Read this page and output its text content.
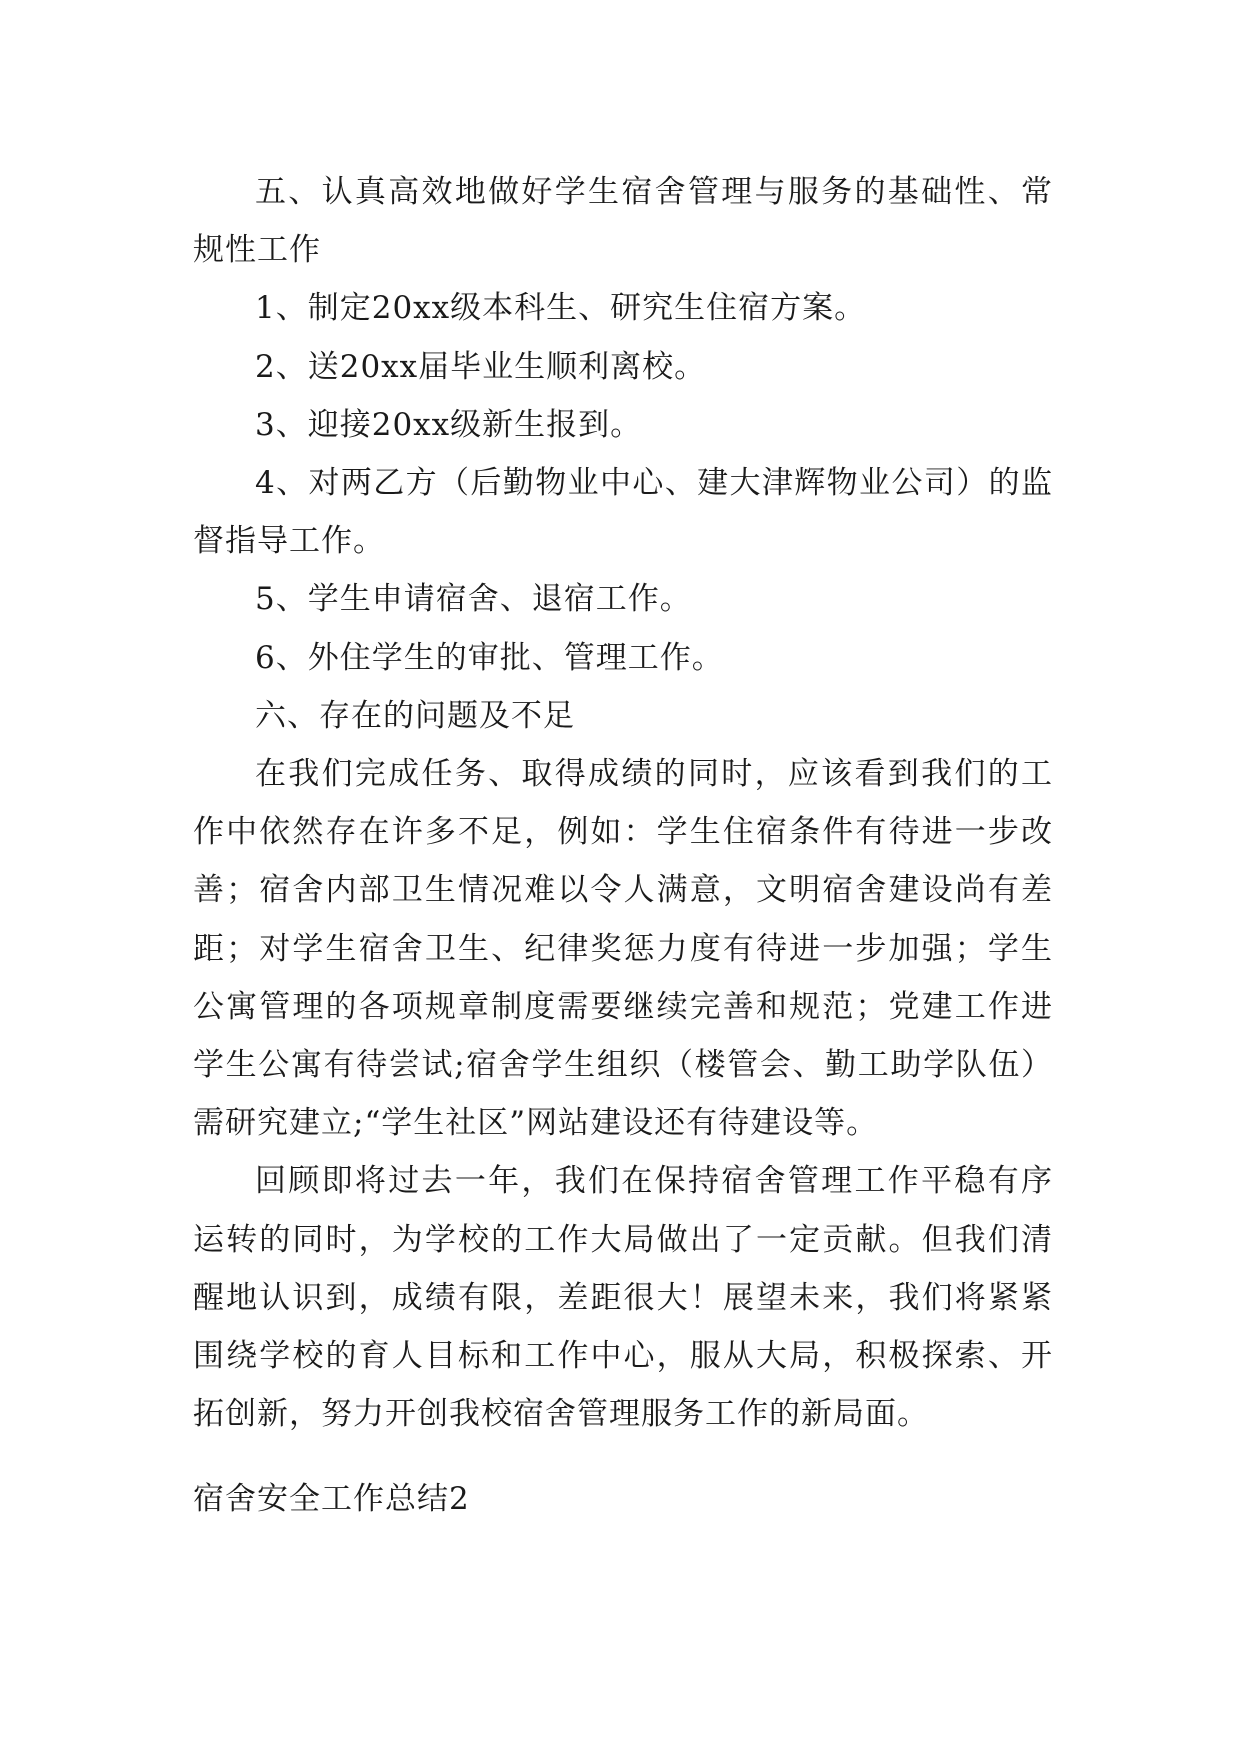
五、认真高效地做好学生宿舍管理与服务的基础性、常规性工作

1、制定20xx级本科生、研究生住宿方案。

2、送20xx届毕业生顺利离校。

3、迎接20xx级新生报到。

4、对两乙方（后勤物业中心、建大津辉物业公司）的监督指导工作。

5、学生申请宿舍、退宿工作。

6、外住学生的审批、管理工作。

六、存在的问题及不足

在我们完成任务、取得成绩的同时，应该看到我们的工作中依然存在许多不足，例如：学生住宿条件有待进一步改善；宿舍内部卫生情况难以令人满意，文明宿舍建设尚有差距；对学生宿舍卫生、纪律奖惩力度有待进一步加强；学生公寓管理的各项规章制度需要继续完善和规范；党建工作进学生公寓有待尝试;宿舍学生组织（楼管会、勤工助学队伍）需研究建立;“学生社区”网站建设还有待建设等。

回顾即将过去一年，我们在保持宿舍管理工作平稳有序运转的同时，为学校的工作大局做出了一定贡献。但我们清醒地认识到，成绩有限，差距很大！展望未来，我们将紧紧围绕学校的育人目标和工作中心，服从大局，积极探索、开拓创新，努力开创我校宿舍管理服务工作的新局面。

宿舍安全工作总结2
